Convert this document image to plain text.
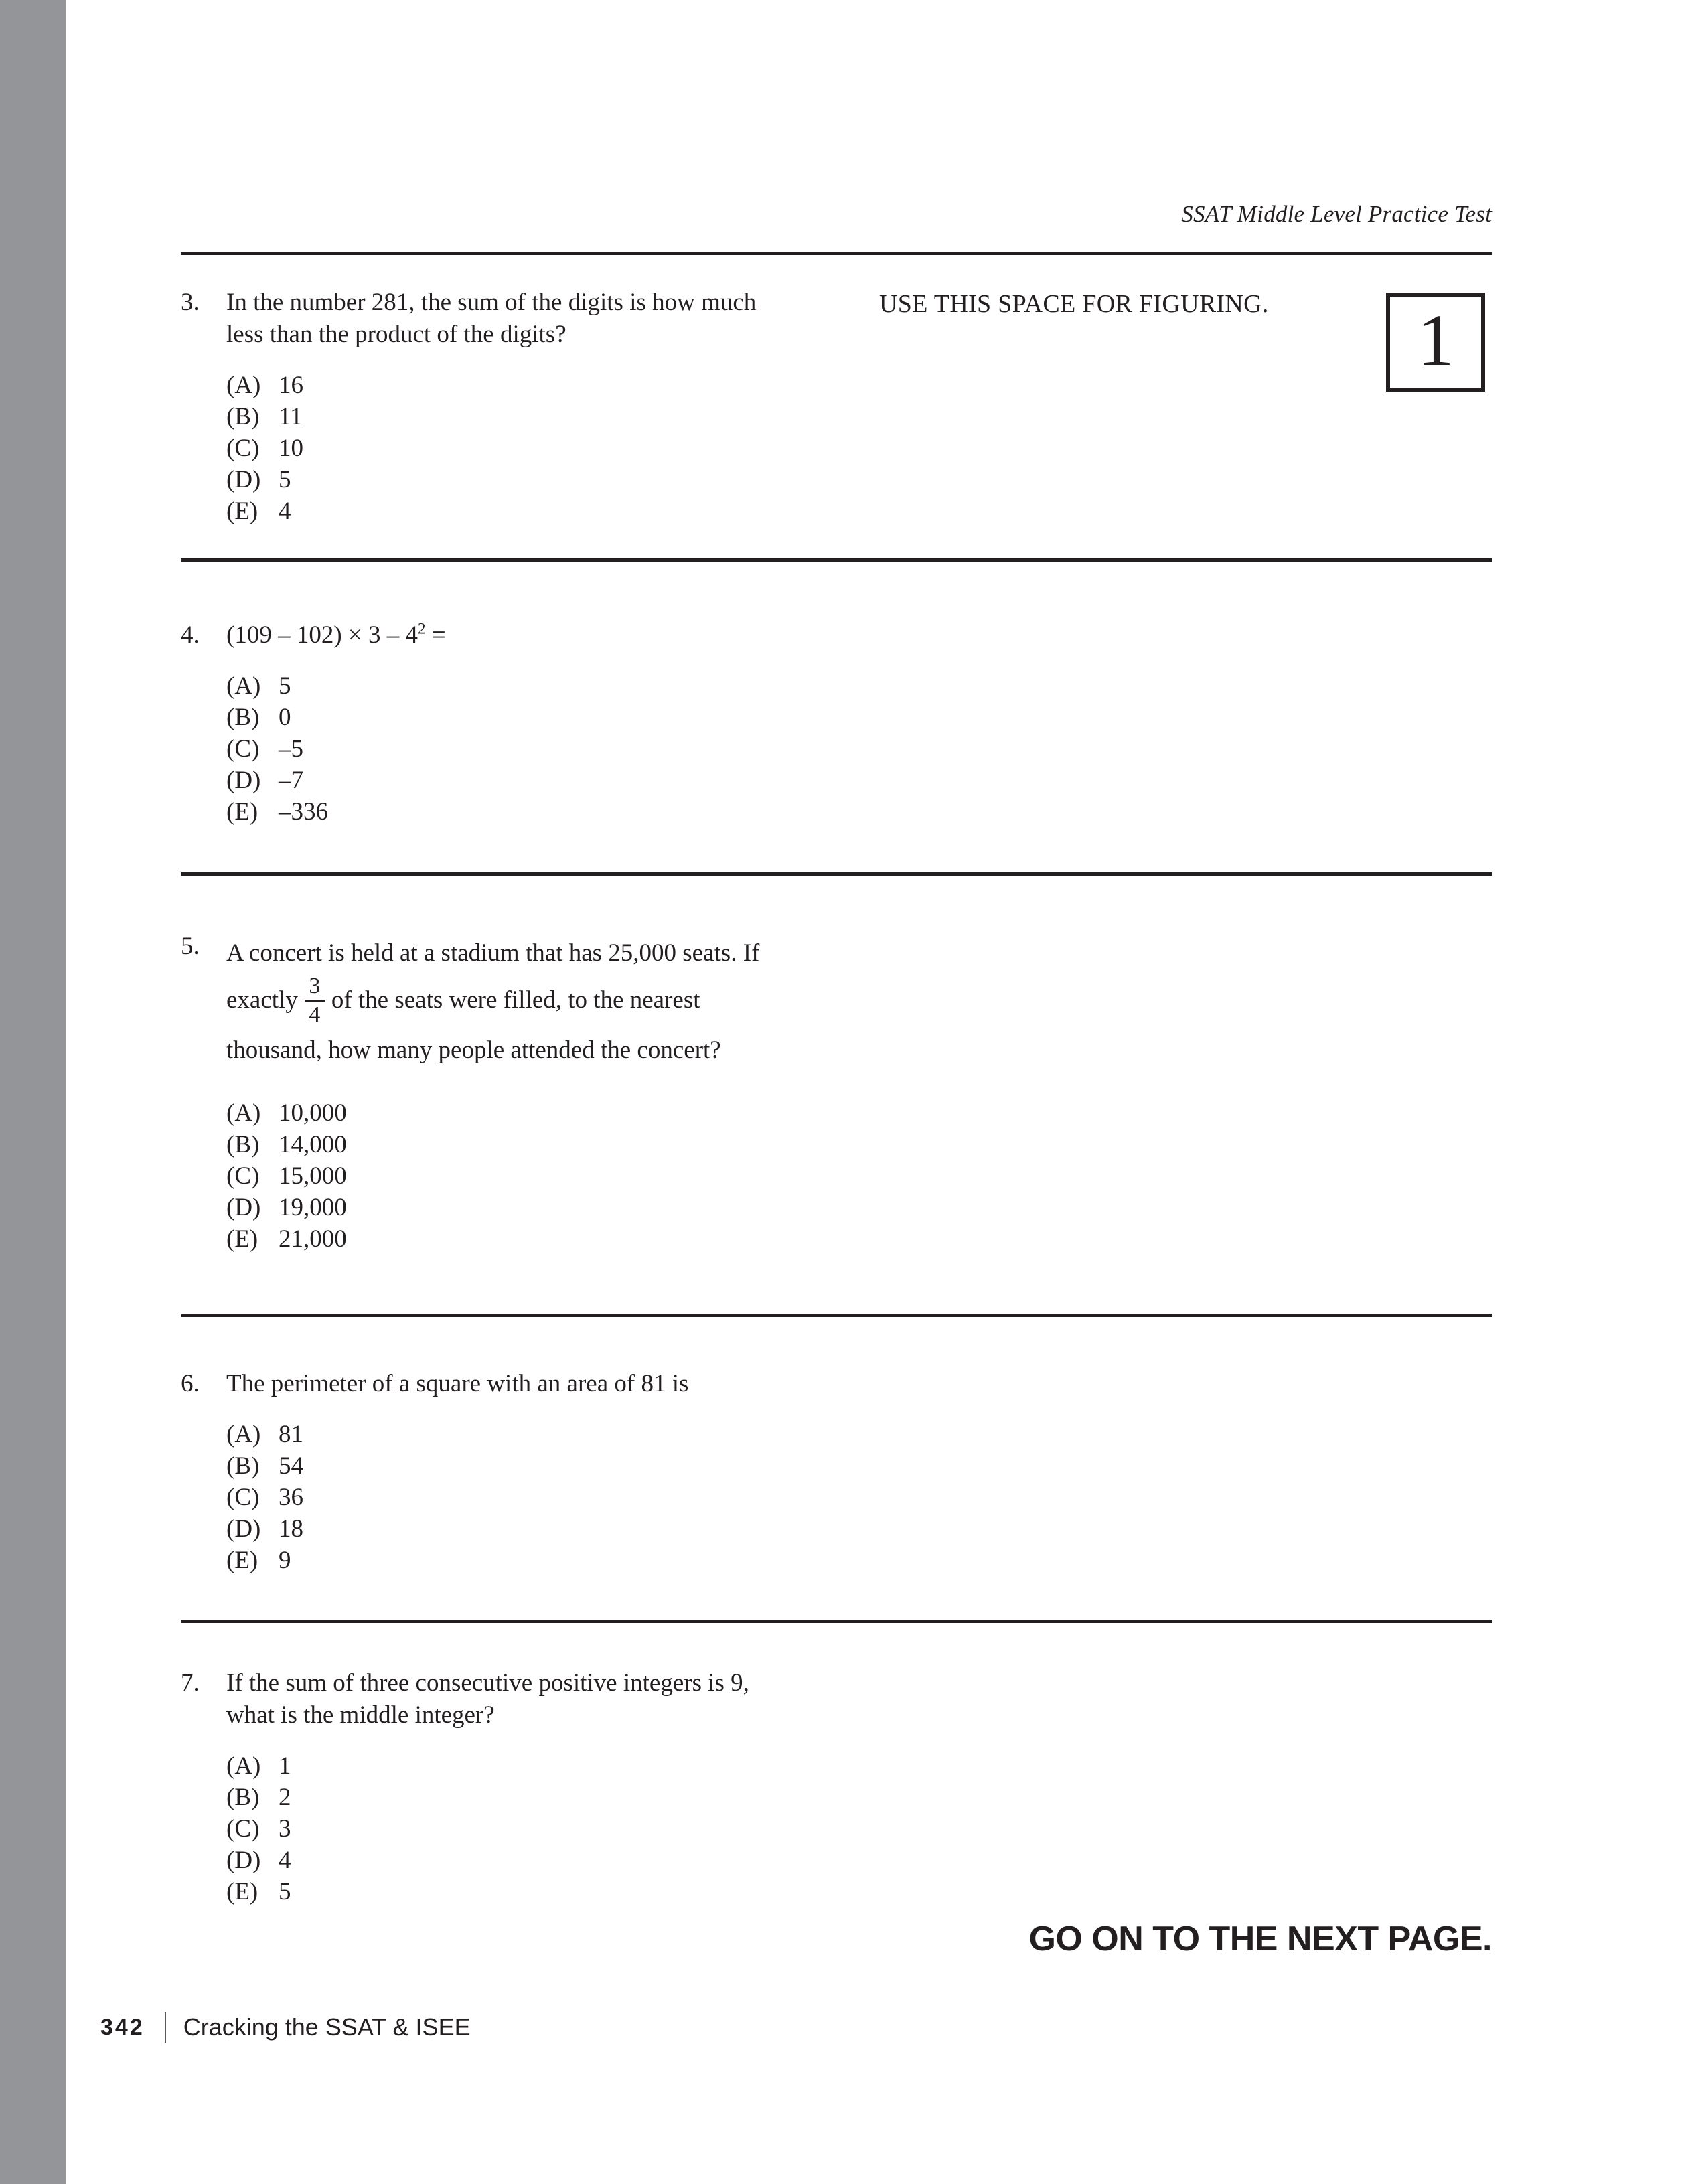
SSAT Middle Level Practice Test
USE THIS SPACE FOR FIGURING. 1
3.	In the number 281, the sum of the digits is how much less than the product of the digits?
(A) 16
(B) 11
(C) 10
(D) 5
(E) 4
4.	$(109 - 102) \times 3 - 4^2$ =
(A) 5
(B) 0
(C) –5
(D) –7
(E) –336
5.	A concert is held at a stadium that has 25,000 seats. If exactly $\frac{3}{4}$ of the seats were filled, to the nearest thousand, how many people attended the concert?
(A) 10,000
(B) 14,000
(C) 15,000
(D) 19,000
(E) 21,000
6.	The perimeter of a square with an area of 81 is
(A) 81
(B) 54
(C) 36
(D) 18
(E) 9
7.	If the sum of three consecutive positive integers is 9, what is the middle integer?
(A) 1
(B) 2
(C) 3
(D) 4
(E) 5
GO ON TO THE NEXT PAGE.
342 Cracking the SSAT & ISEE
